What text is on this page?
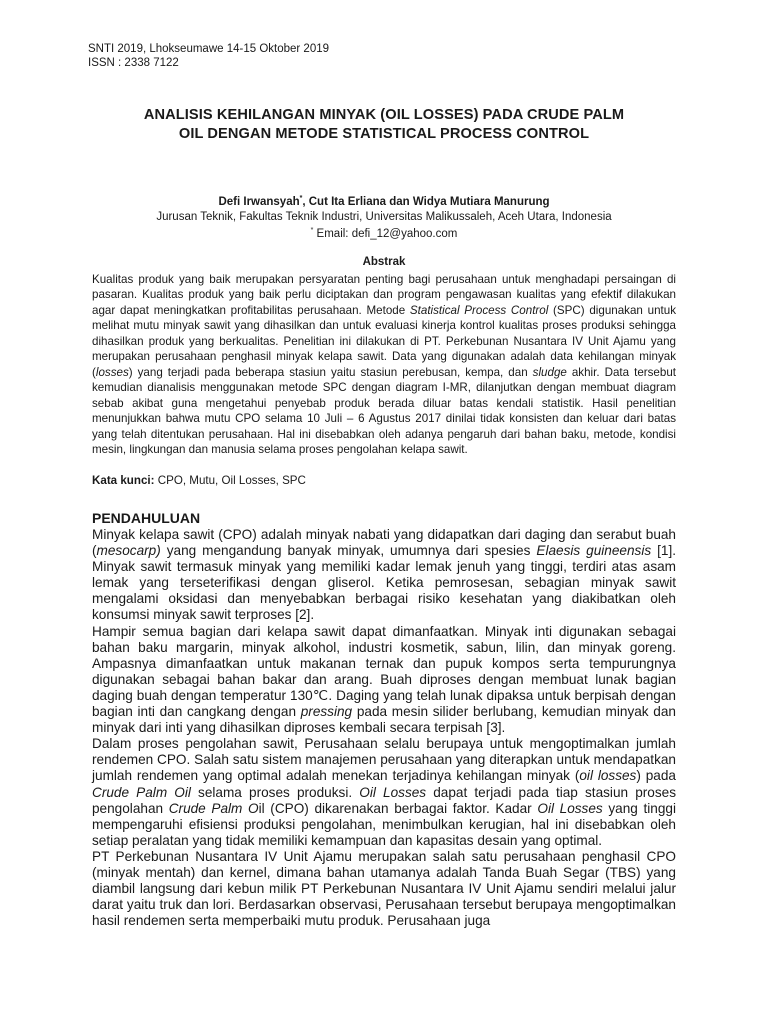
SNTI 2019, Lhokseumawe 14-15 Oktober 2019
ISSN : 2338 7122
ANALISIS KEHILANGAN MINYAK (OIL LOSSES) PADA CRUDE PALM
OIL DENGAN METODE STATISTICAL PROCESS CONTROL
Defi Irwansyah*, Cut Ita Erliana dan Widya Mutiara Manurung
Jurusan Teknik, Fakultas Teknik Industri, Universitas Malikussaleh, Aceh Utara, Indonesia
* Email: defi_12@yahoo.com
Abstrak
Kualitas produk yang baik merupakan persyaratan penting bagi perusahaan untuk menghadapi persaingan di pasaran. Kualitas produk yang baik perlu diciptakan dan program pengawasan kualitas yang efektif dilakukan agar dapat meningkatkan profitabilitas perusahaan. Metode Statistical Process Control (SPC) digunakan untuk melihat mutu minyak sawit yang dihasilkan dan untuk evaluasi kinerja kontrol kualitas proses produksi sehingga dihasilkan produk yang berkualitas. Penelitian ini dilakukan di PT. Perkebunan Nusantara IV Unit Ajamu yang merupakan perusahaan penghasil minyak kelapa sawit. Data yang digunakan adalah data kehilangan minyak (losses) yang terjadi pada beberapa stasiun yaitu stasiun perebusan, kempa, dan sludge akhir. Data tersebut kemudian dianalisis menggunakan metode SPC dengan diagram I-MR, dilanjutkan dengan membuat diagram sebab akibat guna mengetahui penyebab produk berada diluar batas kendali statistik. Hasil penelitian menunjukkan bahwa mutu CPO selama 10 Juli – 6 Agustus 2017 dinilai tidak konsisten dan keluar dari batas yang telah ditentukan perusahaan. Hal ini disebabkan oleh adanya pengaruh dari bahan baku, metode, kondisi mesin, lingkungan dan manusia selama proses pengolahan kelapa sawit.
Kata kunci: CPO, Mutu, Oil Losses, SPC
PENDAHULUAN

Minyak kelapa sawit (CPO) adalah minyak nabati yang didapatkan dari daging dan serabut buah (mesocarp) yang mengandung banyak minyak, umumnya dari spesies Elaesis guineensis [1]. Minyak sawit termasuk minyak yang memiliki kadar lemak jenuh yang tinggi, terdiri atas asam lemak yang terseterifikasi dengan gliserol. Ketika pemrosesan, sebagian minyak sawit mengalami oksidasi dan menyebabkan berbagai risiko kesehatan yang diakibatkan oleh konsumsi minyak sawit terproses [2].

Hampir semua bagian dari kelapa sawit dapat dimanfaatkan. Minyak inti digunakan sebagai bahan baku margarin, minyak alkohol, industri kosmetik, sabun, lilin, dan minyak goreng. Ampasnya dimanfaatkan untuk makanan ternak dan pupuk kompos serta tempurungnya digunakan sebagai bahan bakar dan arang. Buah diproses dengan membuat lunak bagian daging buah dengan temperatur 130℃. Daging yang telah lunak dipaksa untuk berpisah dengan bagian inti dan cangkang dengan pressing pada mesin silider berlubang, kemudian minyak dan minyak dari inti yang dihasilkan diproses kembali secara terpisah [3].

Dalam proses pengolahan sawit, Perusahaan selalu berupaya untuk mengoptimalkan jumlah rendemen CPO. Salah satu sistem manajemen perusahaan yang diterapkan untuk mendapatkan jumlah rendemen yang optimal adalah menekan terjadinya kehilangan minyak (oil losses) pada Crude Palm Oil selama proses produksi. Oil Losses dapat terjadi pada tiap stasiun proses pengolahan Crude Palm Oil (CPO) dikarenakan berbagai faktor. Kadar Oil Losses yang tinggi mempengaruhi efisiensi produksi pengolahan, menimbulkan kerugian, hal ini disebabkan oleh setiap peralatan yang tidak memiliki kemampuan dan kapasitas desain yang optimal.

PT Perkebunan Nusantara IV Unit Ajamu merupakan salah satu perusahaan penghasil CPO (minyak mentah) dan kernel, dimana bahan utamanya adalah Tanda Buah Segar (TBS) yang diambil langsung dari kebun milik PT Perkebunan Nusantara IV Unit Ajamu sendiri melalui jalur darat yaitu truk dan lori. Berdasarkan observasi, Perusahaan tersebut berupaya mengoptimalkan hasil rendemen serta memperbaiki mutu produk. Perusahaan juga
